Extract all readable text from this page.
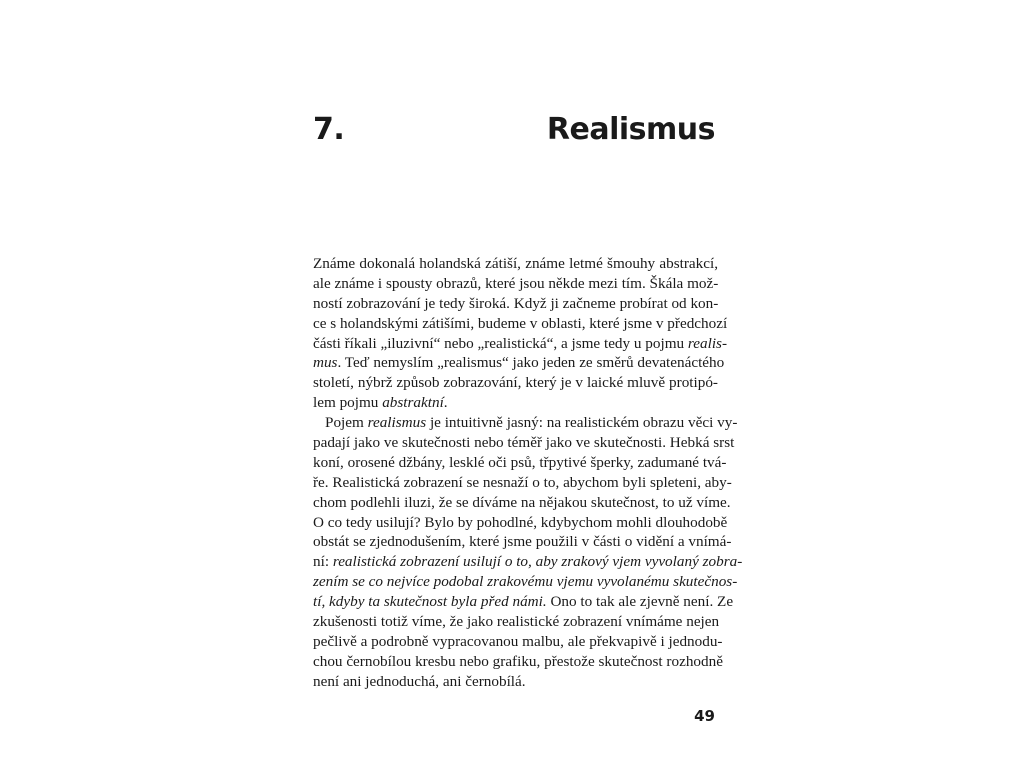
7.	Realismus
Známe dokonalá holandská zátiší, známe letmé šmouhy abstrakcí,
ale známe i spousty obrazů, které jsou někde mezi tím. Škála mož-
ností zobrazování je tedy široká. Když ji začneme probírat od kon-
ce s holandskými zátišími, budeme v oblasti, které jsme v předchozí
části říkali „iluzivní“ nebo „realistická“, a jsme tedy u pojmu realis-
mus. Teď nemyslím „realismus“ jako jeden ze směrů devatenáctého
století, nýbrž způsob zobrazování, který je v laické mluvě protipó-
lem pojmu abstraktní.
Pojem realismus je intuitivně jasný: na realistickém obrazu věci vy-
padají jako ve skutečnosti nebo téměř jako ve skutečnosti. Hebká srst
koní, orosené džbány, lesklé oči psů, třpytivé šperky, zadumané tvá-
ře. Realistická zobrazení se nesnaží o to, abychom byli spleteni, aby-
chom podlehli iluzi, že se díváme na nějakou skutečnost, to už víme.
O co tedy usilují? Bylo by pohodlné, kdybychom mohli dlouhodobě
obstát se zjednodušením, které jsme použili v části o vidění a vnímá-
ní: realistická zobrazení usilují o to, aby zrakový vjem vyvolaný zobra-
zením se co nejvíce podobal zrakovému vjemu vyvolanému skutečnos-
tí, kdyby ta skutečnost byla před námi. Ono to tak ale zjevně není. Ze
zkušenosti totiž víme, že jako realistické zobrazení vnímáme nejen
pečlivě a podrobně vypracovanou malbu, ale překvapivě i jednodu-
chou černobílou kresbu nebo grafiku, přestože skutečnost rozhodně
není ani jednoduchá, ani černobílá.
49
